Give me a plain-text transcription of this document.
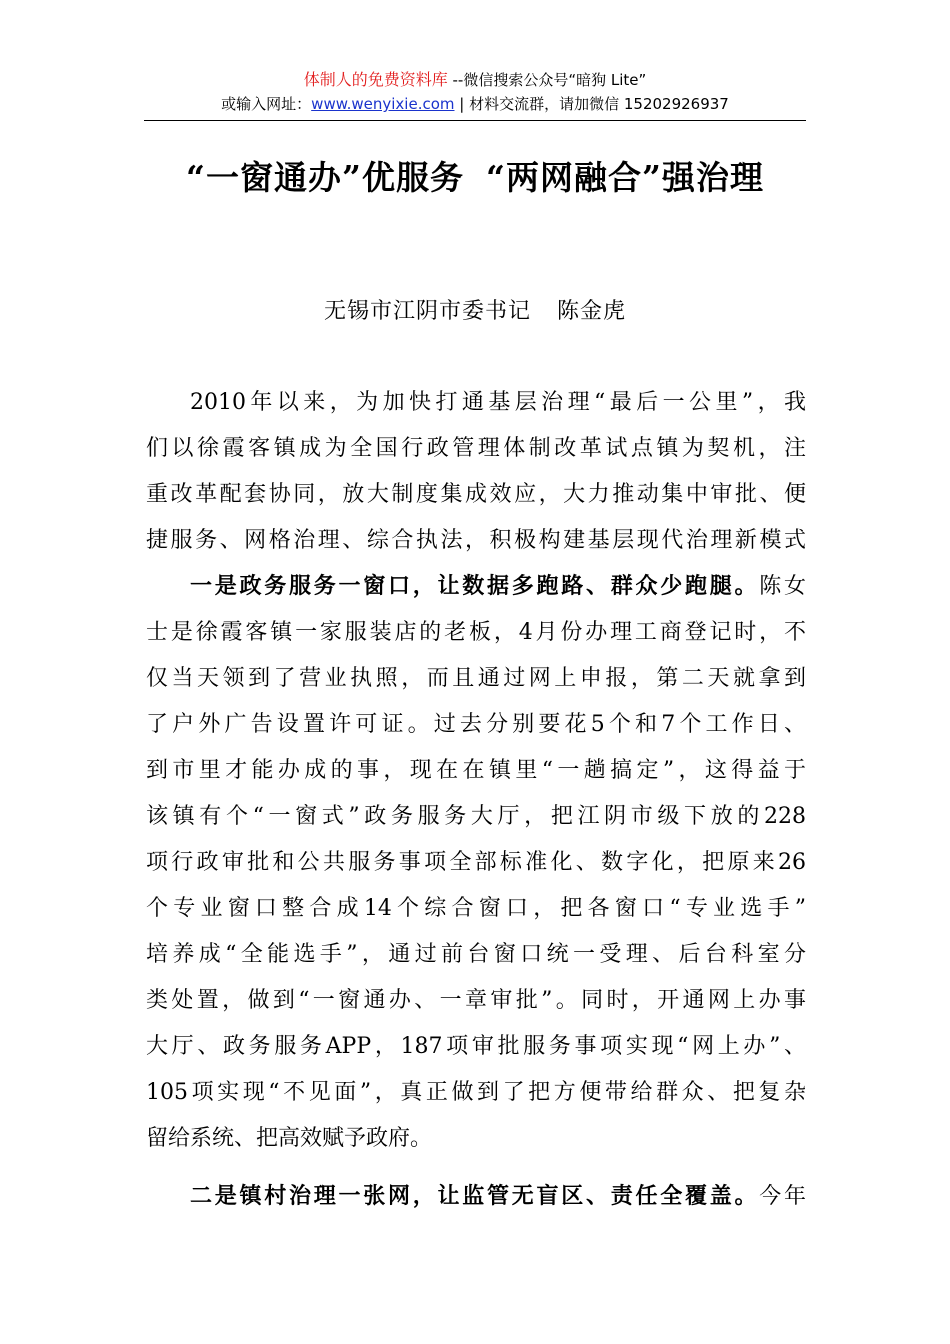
体制人的免费资料库 --微信搜索公众号“暗狗 Lite”
或输入网址：www.wenyixie.com | 材料交流群，请加微信 15202926937
“一窗通办”优服务 “两网融合”强治理
无锡市江阴市委书记 陈金虎
2010年以来，为加快打通基层治理“最后一公里”，我
们以徐霞客镇成为全国行政管理体制改革试点镇为契机，注
重改革配套协同，放大制度集成效应，大力推动集中审批、便
捷服务、网格治理、综合执法，积极构建基层现代治理新模式
一是政务服务一窗口，让数据多跑路、群众少跑腿。陈女
士是徐霞客镇一家服装店的老板，4月份办理工商登记时，不
仅当天领到了营业执照，而且通过网上申报，第二天就拿到
了户外广告设置许可证。过去分别要花5个和7个工作日、
到市里才能办成的事，现在在镇里“一趟搞定”，这得益于
该镇有个“一窗式”政务服务大厅，把江阴市级下放的228
项行政审批和公共服务事项全部标准化、数字化，把原来26
个专业窗口整合成14个综合窗口，把各窗口“专业选手”
培养成“全能选手”，通过前台窗口统一受理、后台科室分
类处置，做到“一窗通办、一章审批”。同时，开通网上办事
大厅、政务服务APP，187项审批服务事项实现“网上办”、
105项实现“不见面”，真正做到了把方便带给群众、把复杂
留给系统、把高效赋予政府。
二是镇村治理一张网，让监管无盲区、责任全覆盖。今年
